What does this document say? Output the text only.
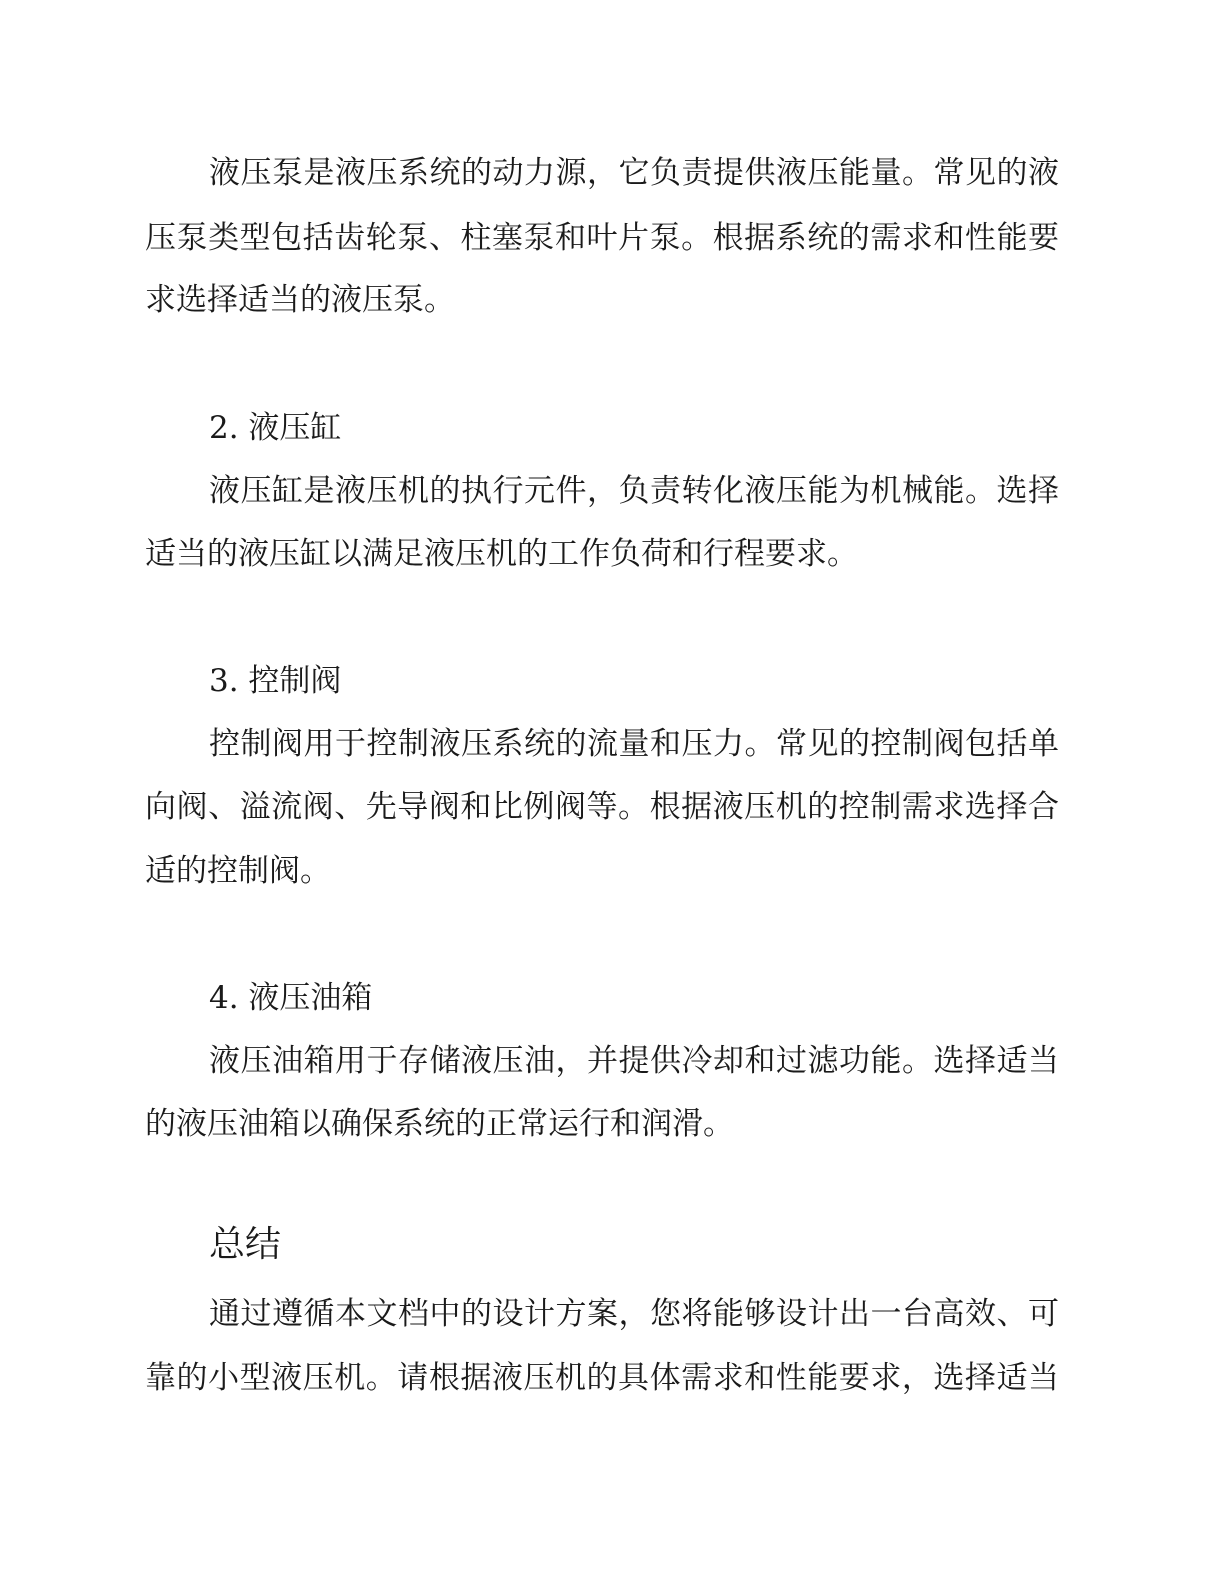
液压泵是液压系统的动力源，它负责提供液压能量。常见的液
压泵类型包括齿轮泵、柱塞泵和叶片泵。根据系统的需求和性能要
求选择适当的液压泵。
2. 液压缸
液压缸是液压机的执行元件，负责转化液压能为机械能。选择
适当的液压缸以满足液压机的工作负荷和行程要求。
3. 控制阀
控制阀用于控制液压系统的流量和压力。常见的控制阀包括单
向阀、溢流阀、先导阀和比例阀等。根据液压机的控制需求选择合
适的控制阀。
4. 液压油箱
液压油箱用于存储液压油，并提供冷却和过滤功能。选择适当
的液压油箱以确保系统的正常运行和润滑。
总结
通过遵循本文档中的设计方案，您将能够设计出一台高效、可
靠的小型液压机。请根据液压机的具体需求和性能要求，选择适当
